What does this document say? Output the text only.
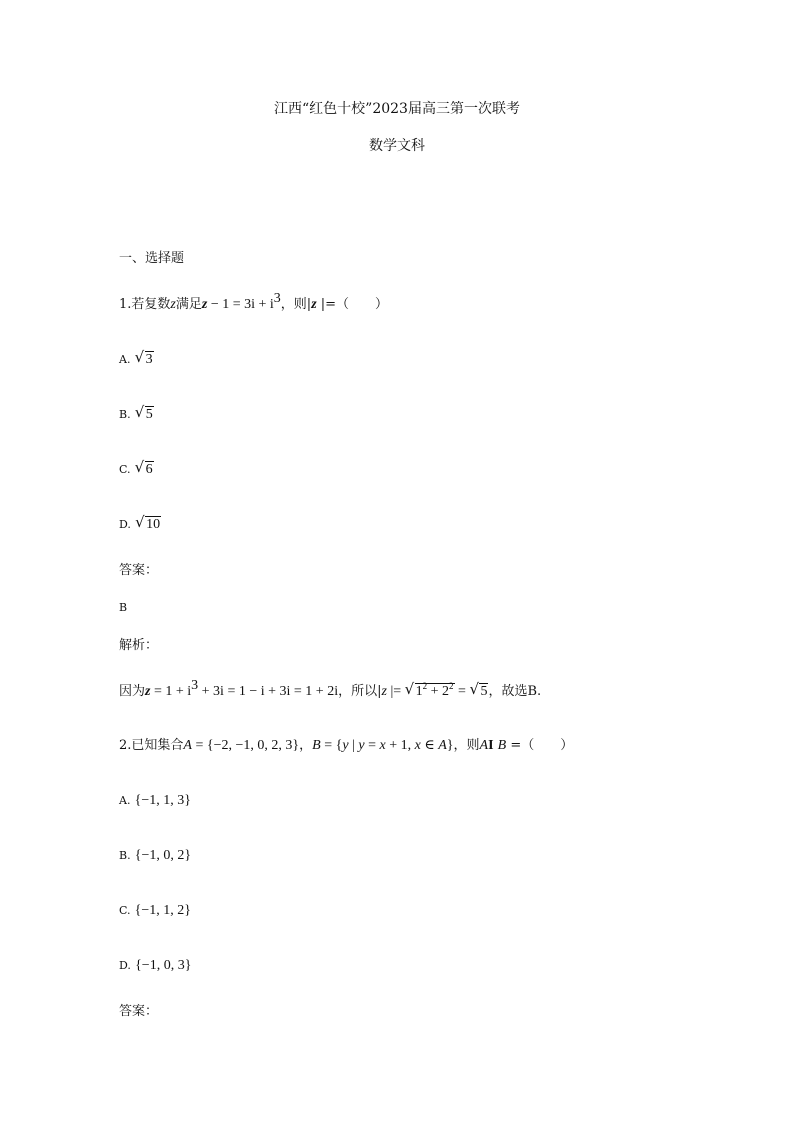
江西“红色十校”2023届高三第一次联考
数学文科
一、选择题
1.若复数z满足$z - 1 = 3i + i^3$，则|z |=（　　）
A. √ 3
B. √ 5
C. √ 6
D. √ 10
答案：
B
解析：
因为$z = 1 + i^3 + 3i = 1 - i + 3i = 1 + 2i$，所以|z |= √ $1^2 + 2^2$ = √ 5，故选B.
2.已知集合A = {−2, −1, 0, 2, 3}，B = {y | y = x + 1, x ∈ A}，则AI B =（　　）
A. {−1, 1, 3}
B. {−1, 0, 2}
C. {−1, 1, 2}
D. {−1, 0, 3}
答案：
